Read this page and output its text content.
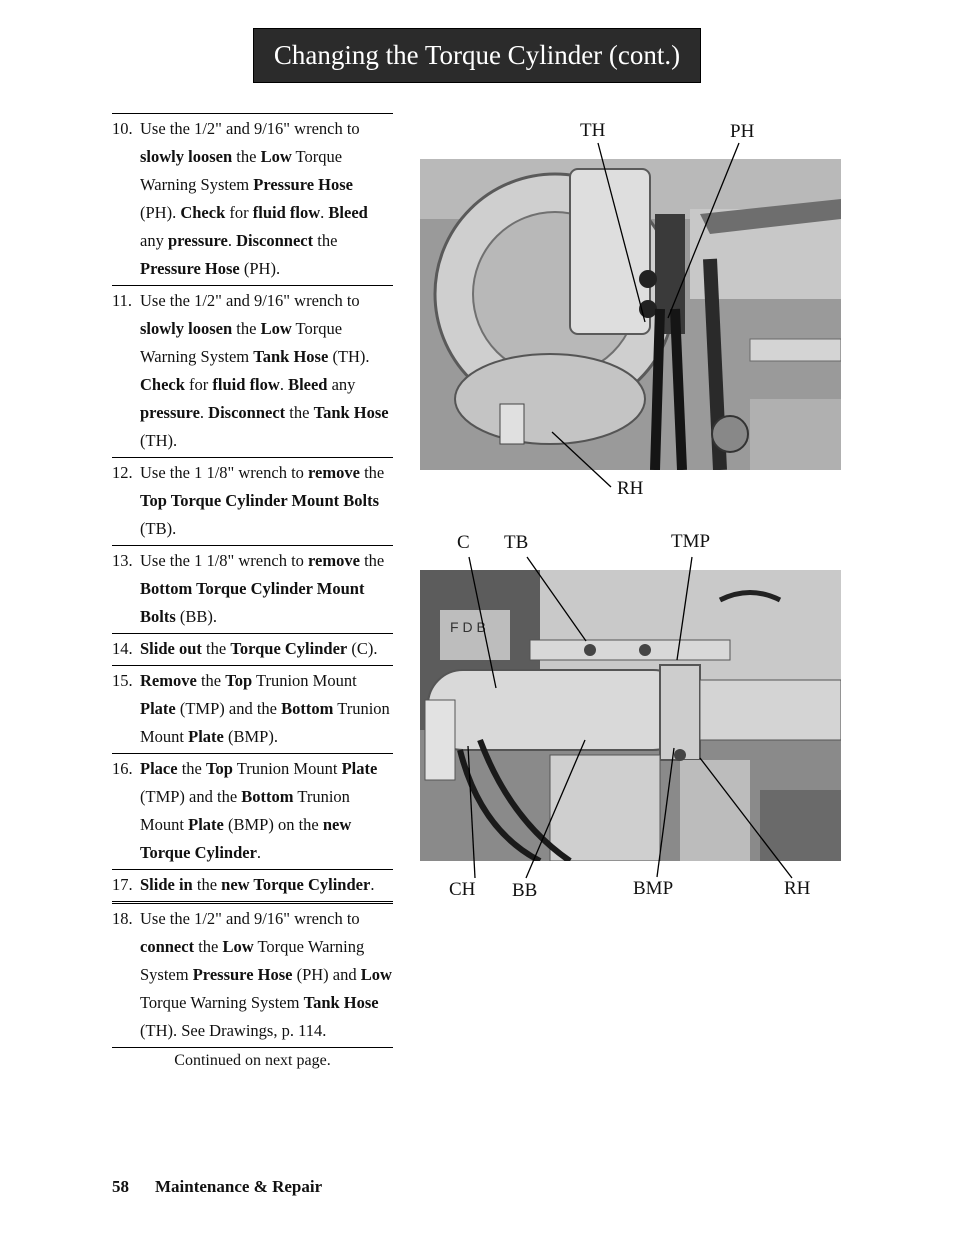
Changing the Torque Cylinder (cont.)
10. Use the 1/2" and 9/16" wrench to slowly loosen the Low Torque Warning System Pressure Hose (PH). Check for fluid flow. Bleed any pressure. Disconnect the Pressure Hose (PH).
11. Use the 1/2" and 9/16" wrench to slowly loosen the Low Torque Warning System Tank Hose (TH). Check for fluid flow. Bleed any pressure. Disconnect the Tank Hose (TH).
12. Use the 1 1/8" wrench to remove the Top Torque Cylinder Mount Bolts (TB).
13. Use the 1 1/8" wrench to remove the Bottom Torque Cylinder Mount Bolts (BB).
14. Slide out the Torque Cylinder (C).
15. Remove the Top Trunion Mount Plate (TMP) and the Bottom Trunion Mount Plate (BMP).
16. Place the Top Trunion Mount Plate (TMP) and the Bottom Trunion Mount Plate (BMP) on the new Torque Cylinder.
17. Slide in the new Torque Cylinder.
18. Use the 1/2" and 9/16" wrench to connect the Low Torque Warning System Pressure Hose (PH) and Low Torque Warning System Tank Hose (TH). See Drawings, p. 114.
Continued on next page.
F D B
TH	PH
RH
C TB	TMP
CH BB	BMP	RH
58 Maintenance & Repair
